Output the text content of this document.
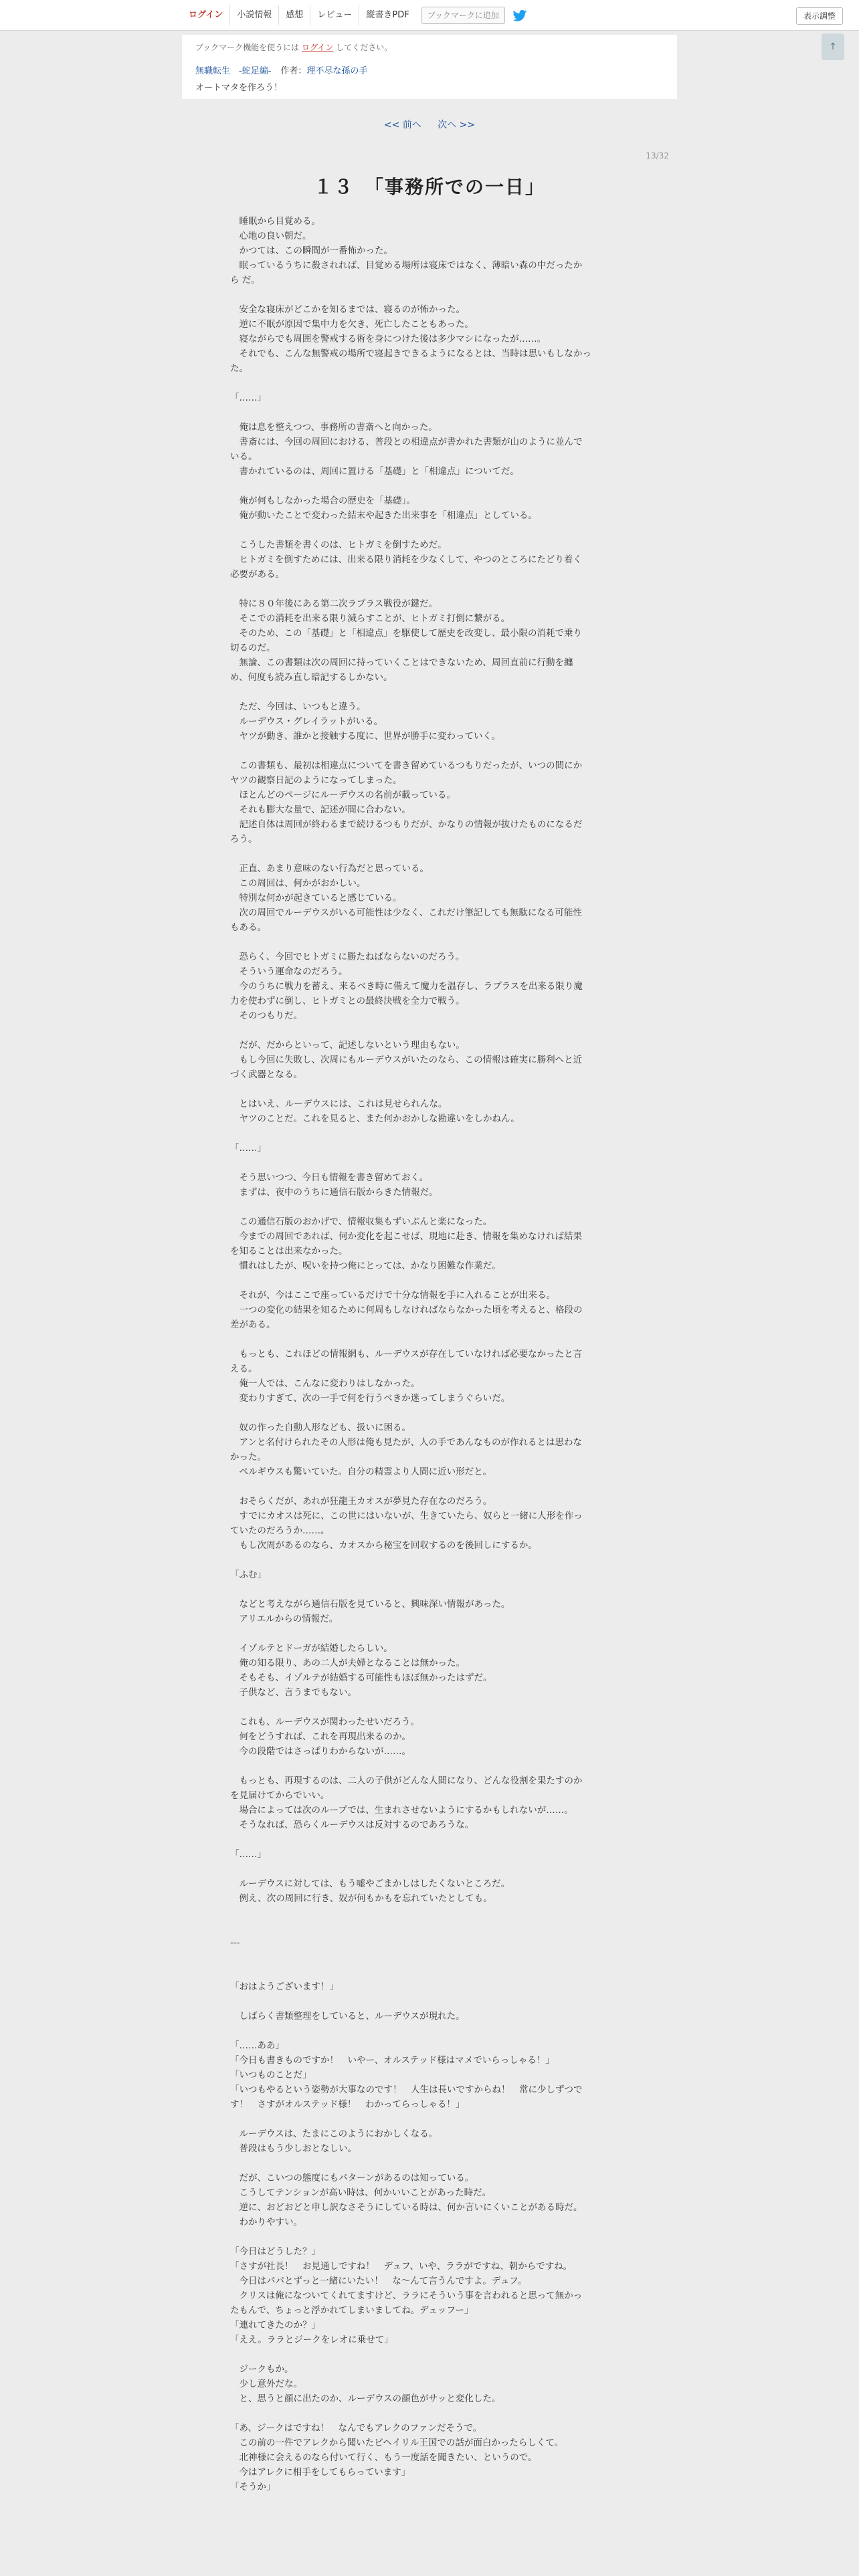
ログイン	小説情報	感想	レビュー	縦書きPDF	ブックマークに追加	表示調整
↑
ブックマーク機能を使うには ログイン してください。
無職転生　-蛇足編- 作者：理不尽な孫の手
オートマタを作ろう！
<< 前へ 次へ >>
13/32
１３　「事務所での一日」

　睡眠から目覚める。

　心地の良い朝だ。

　かつては、この瞬間が一番怖かった。

　眠っているうちに殺されれば、目覚める場所は寝床ではなく、薄暗い森の中だったか

ら だ。

　安全な寝床がどこかを知るまでは、寝るのが怖かった。

　逆に不眠が原因で集中力を欠き、死亡したこともあった。

　寝ながらでも周囲を警戒する術を身につけた後は多少マシになったが……。

　それでも、こんな無警戒の場所で寝起きできるようになるとは、当時は思いもしなかっ

た。

「……」

　俺は息を整えつつ、事務所の書斎へと向かった。

　書斎には、今回の周回における、普段との相違点が書かれた書類が山のように並んで

いる。

　書かれているのは、周回に置ける「基礎」と「相違点」についてだ。

　俺が何もしなかった場合の歴史を「基礎」。

　俺が動いたことで変わった結末や起きた出来事を「相違点」としている。

　こうした書類を書くのは、ヒトガミを倒すためだ。

　ヒトガミを倒すためには、出来る限り消耗を少なくして、やつのところにたどり着く

必要がある。

　特に８０年後にある第二次ラプラス戦役が鍵だ。

　そこでの消耗を出来る限り減らすことが、ヒトガミ打倒に繋がる。

　そのため、この「基礎」と「相違点」を駆使して歴史を改変し、最小限の消耗で乗り

切るのだ。

　無論、この書類は次の周回に持っていくことはできないため、周回直前に行動を纏

め、何度も読み直し暗記するしかない。

　ただ、今回は、いつもと違う。

　ルーデウス・グレイラットがいる。

　ヤツが動き、誰かと接触する度に、世界が勝手に変わっていく。

　この書類も、最初は相違点についてを書き留めているつもりだったが、いつの間にか

ヤツの観察日記のようになってしまった。

　ほとんどのページにルーデウスの名前が載っている。

　それも膨大な量で、記述が間に合わない。

　記述自体は周回が終わるまで続けるつもりだが、かなりの情報が抜けたものになるだ

ろう。

　正直、あまり意味のない行為だと思っている。

　この周回は、何かがおかしい。

　特別な何かが起きていると感じている。

　次の周回でルーデウスがいる可能性は少なく、これだけ筆記しても無駄になる可能性

もある。

　恐らく、今回でヒトガミに勝たねばならないのだろう。

　そういう運命なのだろう。

　今のうちに戦力を蓄え、来るべき時に備えて魔力を温存し、ラプラスを出来る限り魔

力を使わずに倒し、ヒトガミとの最終決戦を全力で戦う。

　そのつもりだ。

　だが、だからといって、記述しないという理由もない。

　もし今回に失敗し、次周にもルーデウスがいたのなら、この情報は確実に勝利へと近

づく武器となる。

　とはいえ、ルーデウスには、これは見せられんな。

　ヤツのことだ。これを見ると、また何かおかしな勘違いをしかねん。

「……」

　そう思いつつ、今日も情報を書き留めておく。

　まずは、夜中のうちに通信石版からきた情報だ。

　この通信石版のおかげで、情報収集もずいぶんと楽になった。

　今までの周回であれば、何か変化を起こせば、現地に赴き、情報を集めなければ結果

を知ることは出来なかった。

　慣れはしたが、呪いを持つ俺にとっては、かなり困難な作業だ。

　それが、今はここで座っているだけで十分な情報を手に入れることが出来る。

　一つの変化の結果を知るために何周もしなければならなかった頃を考えると、格段の

差がある。

　もっとも、これほどの情報網も、ルーデウスが存在していなければ必要なかったと言

える。

　俺一人では、こんなに変わりはしなかった。

　変わりすぎて、次の一手で何を行うべきか迷ってしまうぐらいだ。

　奴の作った自動人形なども、扱いに困る。

　アンと名付けられたその人形は俺も見たが、人の手であんなものが作れるとは思わな

かった。

　ペルギウスも驚いていた。自分の精霊より人間に近い形だと。

　おそらくだが、あれが狂龍王カオスが夢見た存在なのだろう。

　すでにカオスは死に、この世にはいないが、生きていたら、奴らと一緒に人形を作っ

ていたのだろうか……。

　もし次周があるのなら、カオスから秘宝を回収するのを後回しにするか。

「ふむ」

　などと考えながら通信石版を見ていると、興味深い情報があった。

　アリエルからの情報だ。

　イゾルテとドーガが結婚したらしい。

　俺の知る限り、あの二人が夫婦となることは無かった。

　そもそも、イゾルテが結婚する可能性もほぼ無かったはずだ。

　子供など、言うまでもない。

　これも、ルーデウスが関わったせいだろう。

　何をどうすれば、これを再現出来るのか。

　今の段階ではさっぱりわからないが……。

　もっとも、再現するのは、二人の子供がどんな人間になり、どんな役割を果たすのか

を見届けてからでいい。

　場合によっては次のループでは、生まれさせないようにするかもしれないが……。

　そうなれば、恐らくルーデウスは反対するのであろうな。

「……」

　ルーデウスに対しては、もう嘘やごまかしはしたくないところだ。

　例え、次の周回に行き、奴が何もかもを忘れていたとしても。

---

「おはようございます！」

　しばらく書類整理をしていると、ルーデウスが現れた。

「……ああ」

「今日も書きものですか！　いやー、オルステッド様はマメでいらっしゃる！」

「いつものことだ」

「いつもやるという姿勢が大事なのです！　人生は長いですからね！　常に少しずつで

す！　さすがオルステッド様！　わかってらっしゃる！」

　ルーデウスは、たまにこのようにおかしくなる。

　普段はもう少しおとなしい。

　だが、こいつの態度にもパターンがあるのは知っている。

　こうしてテンションが高い時は、何かいいことがあった時だ。

　逆に、おどおどと申し訳なさそうにしている時は、何か言いにくいことがある時だ。

　わかりやすい。

「今日はどうした？」

「さすが社長！　お見通しですね！　デュフ、いや、ララがですね、朝からですね。

　今日はパパとずっと一緒にいたい！　な〜んて言うんですよ。デュフ。

　クリスは俺になついてくれてますけど、ララにそういう事を言われると思って無かっ

たもんで、ちょっと浮かれてしまいましてね。デュッフー」

「連れてきたのか？」

「ええ。ララとジークをレオに乗せて」

　ジークもか。

　少し意外だな。

　と、思うと顔に出たのか、ルーデウスの顔色がサッと変化した。

「あ、ジークはですね！　なんでもアレクのファンだそうで。

　この前の一件でアレクから聞いたビヘイリル王国での話が面白かったらしくて。

　北神様に会えるのなら付いて行く、もう一度話を聞きたい、というので。

　今はアレクに相手をしてもらっています」

「そうか」
